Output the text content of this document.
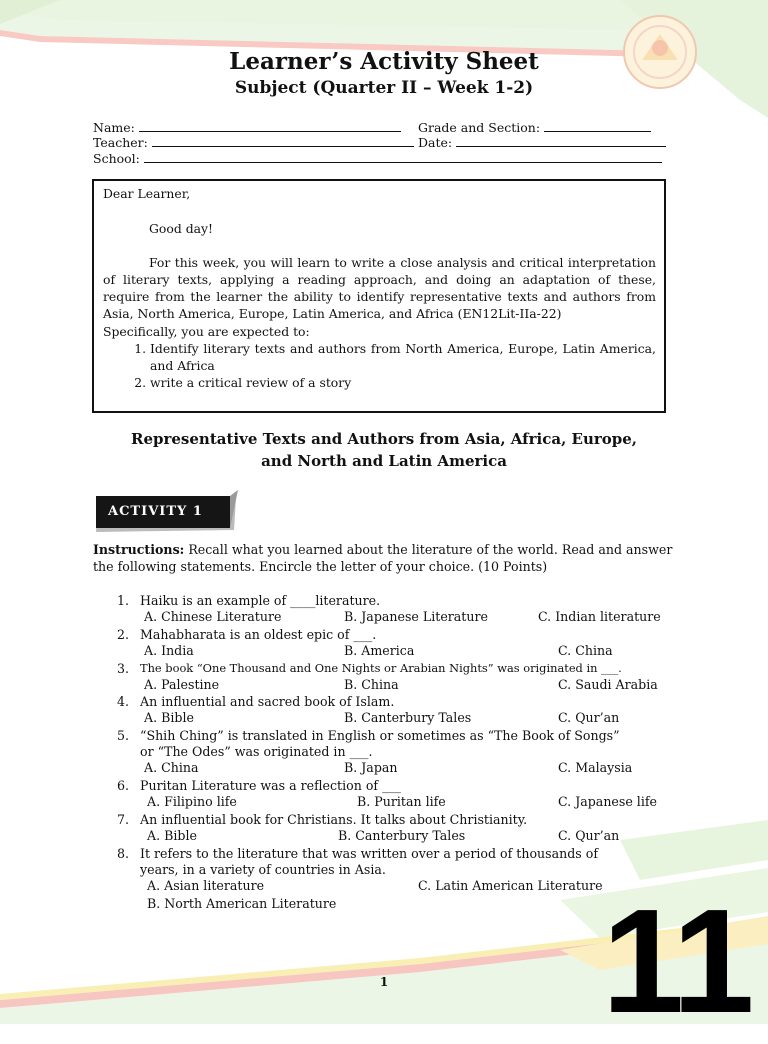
Learner’s Activity Sheet
Subject (Quarter II – Week 1-2)
Name:	Grade and Section:
Teacher:	Date:
School:

Dear Learner,

Good day!

For this week, you will learn to write a close analysis and critical interpretation of literary texts, applying a reading approach, and doing an adaptation of these, require from the learner the ability to identify representative texts and authors from Asia, North America, Europe, Latin America, and Africa (EN12Lit-IIa-22)

Specifically, you are expected to:

1. Identify literary texts and authors from North America, Europe, Latin America, and Africa
2. write a critical review of a story
Representative Texts and Authors from Asia, Africa, Europe,
and North and Latin America
ACTIVITY 1
Instructions: Recall what you learned about the literature of the world. Read and answer the following statements. Encircle the letter of your choice. (10 Points)
1. Haiku is an example of ____literature.
A. Chinese Literature	B. Japanese Literature	C. Indian literature
2. Mahabharata is an oldest epic of ___.
A. India	B. America	C. China
3. The book “One Thousand and One Nights or Arabian Nights” was originated in ___.
A. Palestine	B. China	C. Saudi Arabia
4. An influential and sacred book of Islam.
A. Bible	B. Canterbury Tales	C. Qur’an
5. “Shih Ching” is translated in English or sometimes as “The Book of Songs”
or “The Odes” was originated in ___.
A. China	B. Japan	C. Malaysia
6. Puritan Literature was a reflection of ___
A. Filipino life	B. Puritan life	C. Japanese life
7. An influential book for Christians. It talks about Christianity.
A. Bible	B. Canterbury Tales	C. Qur’an
8. It refers to the literature that was written over a period of thousands of
years, in a variety of countries in Asia.
A. Asian literature	C. Latin American Literature
B. North American Literature
1	11
